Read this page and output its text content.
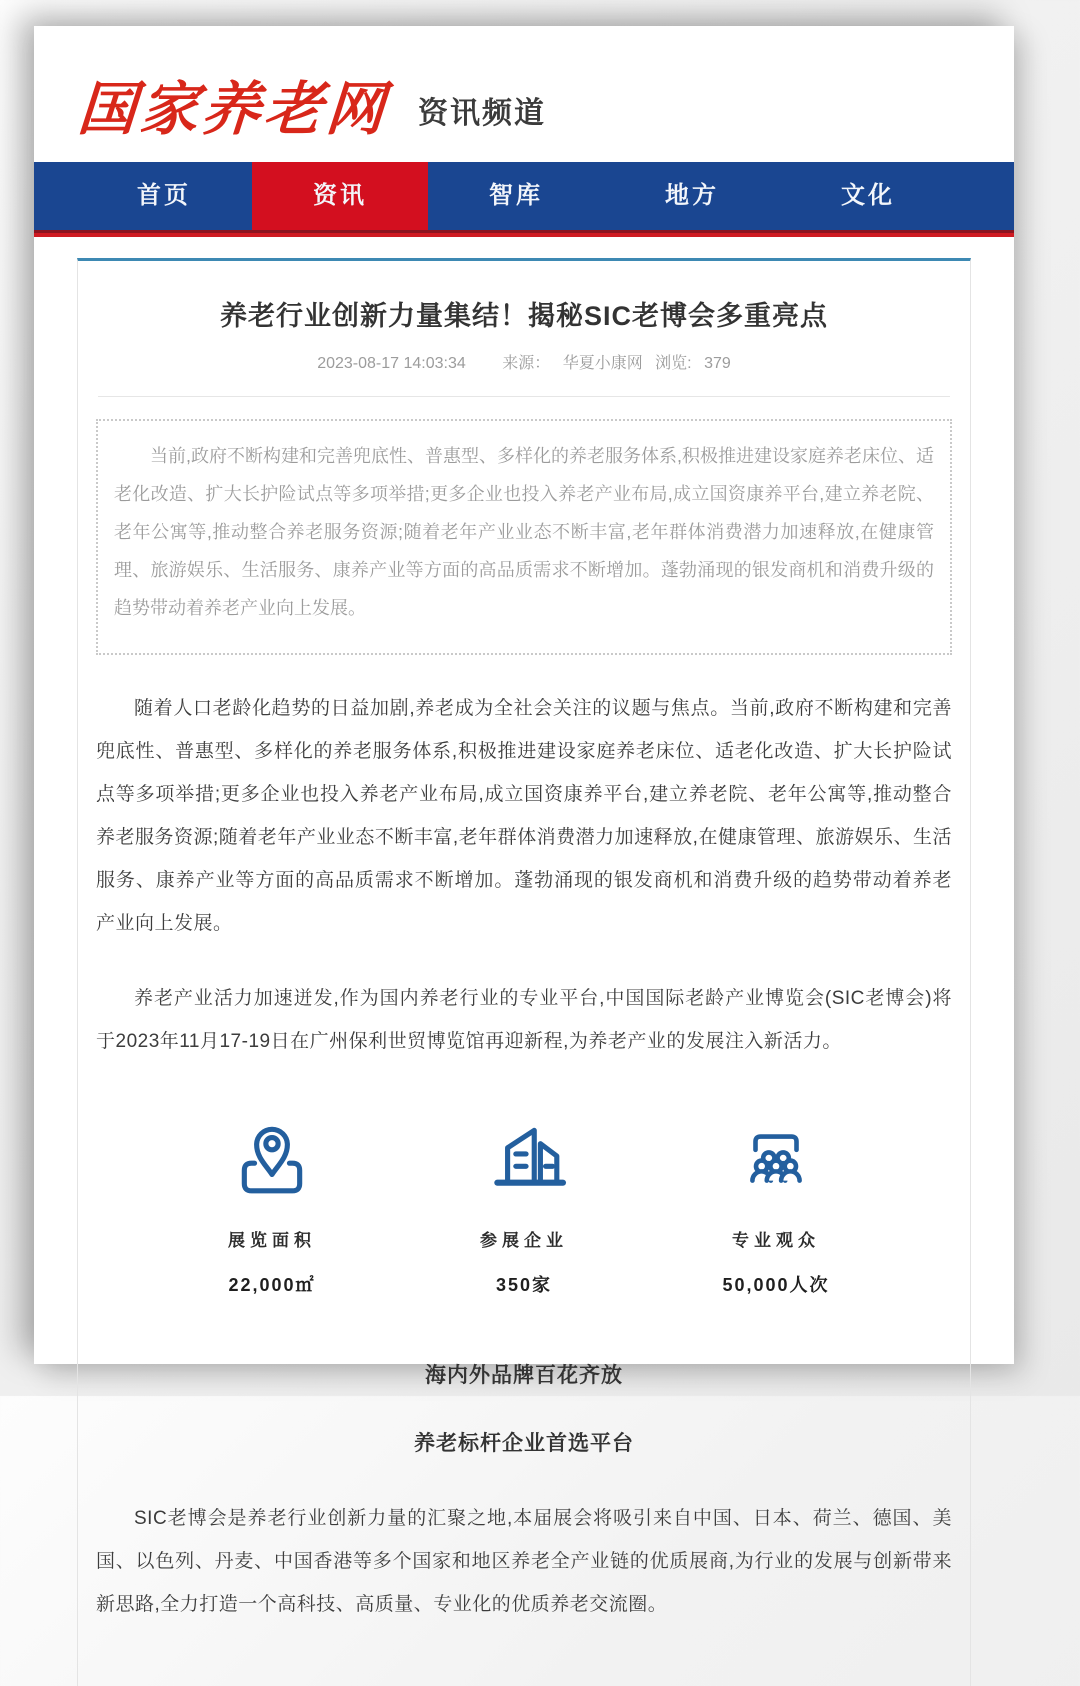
国家养老网 资讯频道
首页	资讯	智库	地方	文化
养老行业创新力量集结！揭秘SIC老博会多重亮点
2023-08-17 14:03:34 来源： 华夏小康网 浏览: 379
当前,政府不断构建和完善兜底性、普惠型、多样化的养老服务体系,积极推进建设家庭养老床位、适老化改造、扩大长护险试点等多项举措;更多企业也投入养老产业布局,成立国资康养平台,建立养老院、老年公寓等,推动整合养老服务资源;随着老年产业业态不断丰富,老年群体消费潜力加速释放,在健康管理、旅游娱乐、生活服务、康养产业等方面的高品质需求不断增加。蓬勃涌现的银发商机和消费升级的趋势带动着养老产业向上发展。
随着人口老龄化趋势的日益加剧,养老成为全社会关注的议题与焦点。当前,政府不断构建和完善兜底性、普惠型、多样化的养老服务体系,积极推进建设家庭养老床位、适老化改造、扩大长护险试点等多项举措;更多企业也投入养老产业布局,成立国资康养平台,建立养老院、老年公寓等,推动整合养老服务资源;随着老年产业业态不断丰富,老年群体消费潜力加速释放,在健康管理、旅游娱乐、生活服务、康养产业等方面的高品质需求不断增加。蓬勃涌现的银发商机和消费升级的趋势带动着养老产业向上发展。
养老产业活力加速迸发,作为国内养老行业的专业平台,中国国际老龄产业博览会(SIC老博会)将于2023年11月17-19日在广州保利世贸博览馆再迎新程,为养老产业的发展注入新活力。
展览面积
22,000㎡
参展企业
350家
专业观众
50,000人次
海内外品牌百花齐放
养老标杆企业首选平台
SIC老博会是养老行业创新力量的汇聚之地,本届展会将吸引来自中国、日本、荷兰、德国、美国、以色列、丹麦、中国香港等多个国家和地区养老全产业链的优质展商,为行业的发展与创新带来新思路,全力打造一个高科技、高质量、专业化的优质养老交流圈。
